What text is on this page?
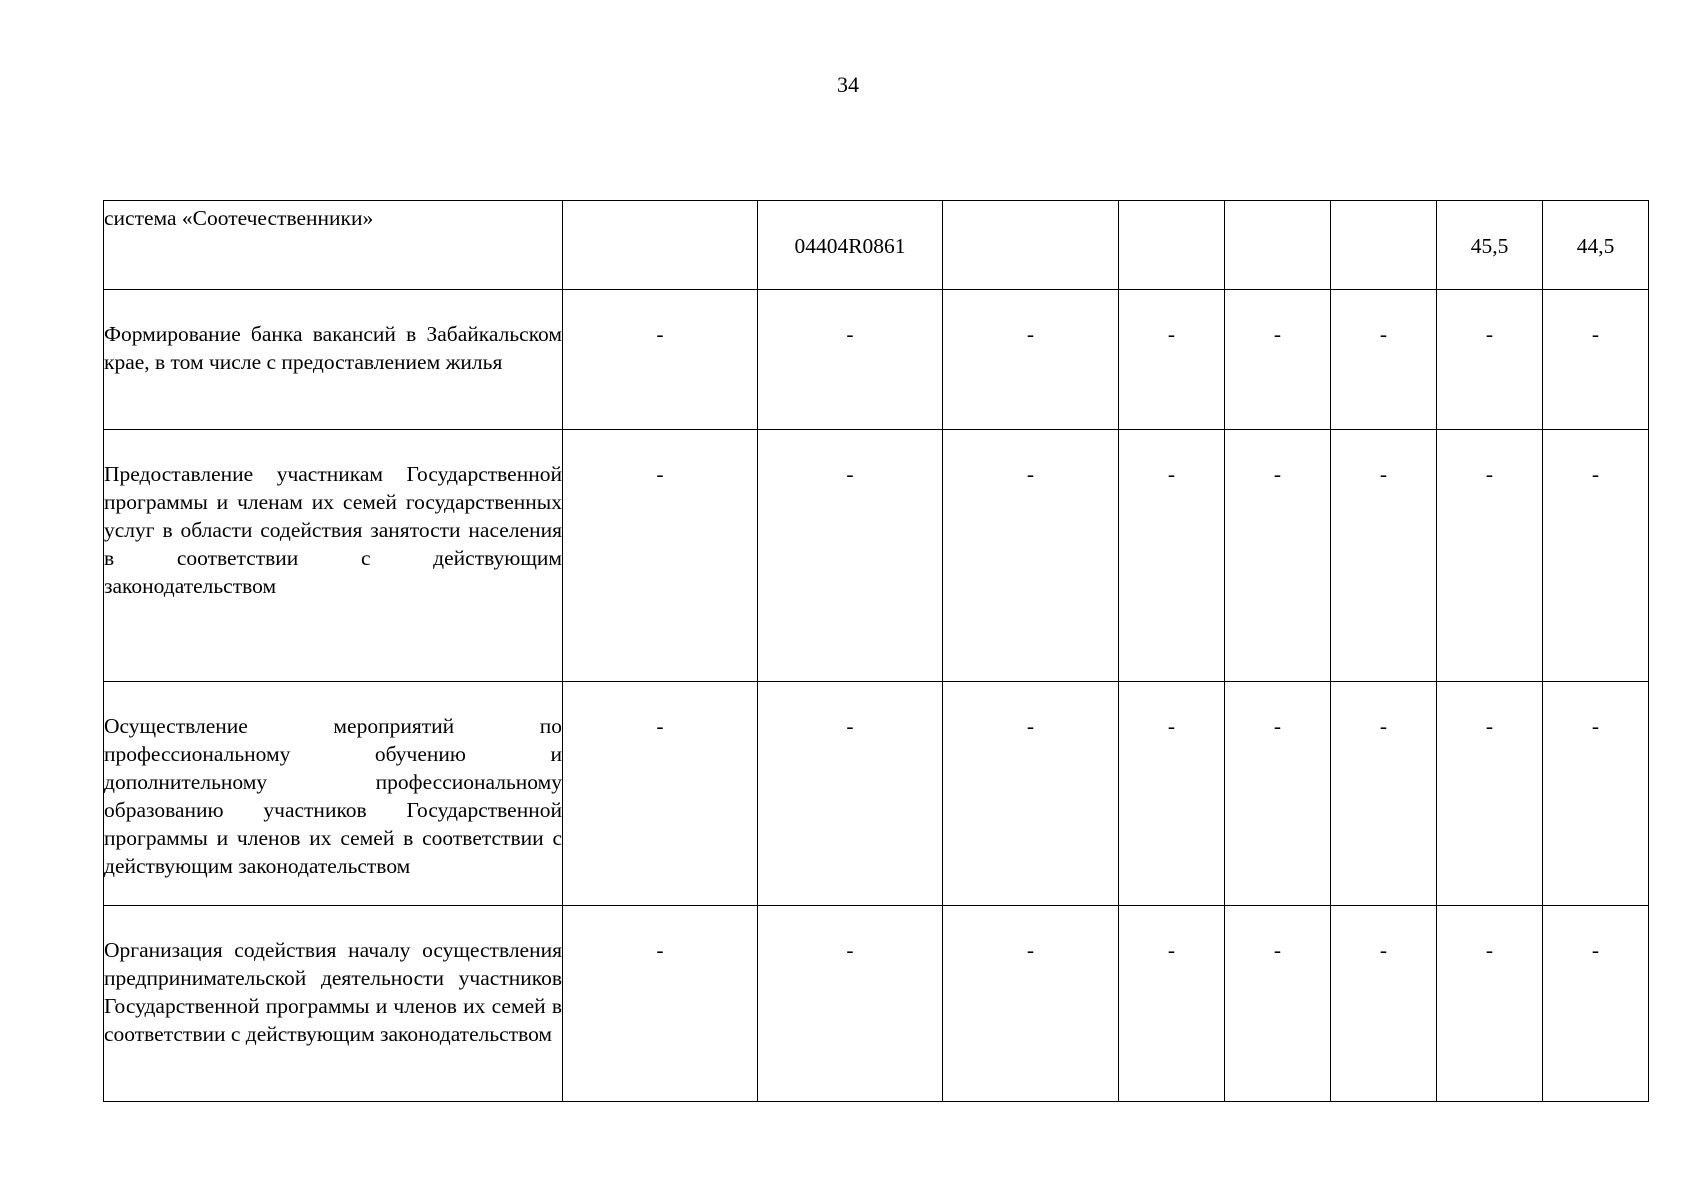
34
система «Соотечественники»		04404R0861					45,5	44,5
Формирование банка вакансий в Забайкальском крае, в том числе с предоставлением жилья	-	-	-	-	-	-	-	-
Предоставление участникам Государственной программы и членам их семей государственных услуг в области содействия занятости населения в соответствии с действующим законодательством	-	-	-	-	-	-	-	-
Осуществление мероприятий по профессиональному обучению и дополнительному профессиональному образованию участников Государственной программы и членов их семей в соответствии с действующим законодательством	-	-	-	-	-	-	-	-
Организация содействия началу осуществления предпринимательской деятельности участников Государственной программы и членов их семей в соответствии с действующим законодательством	-	-	-	-	-	-	-	-
